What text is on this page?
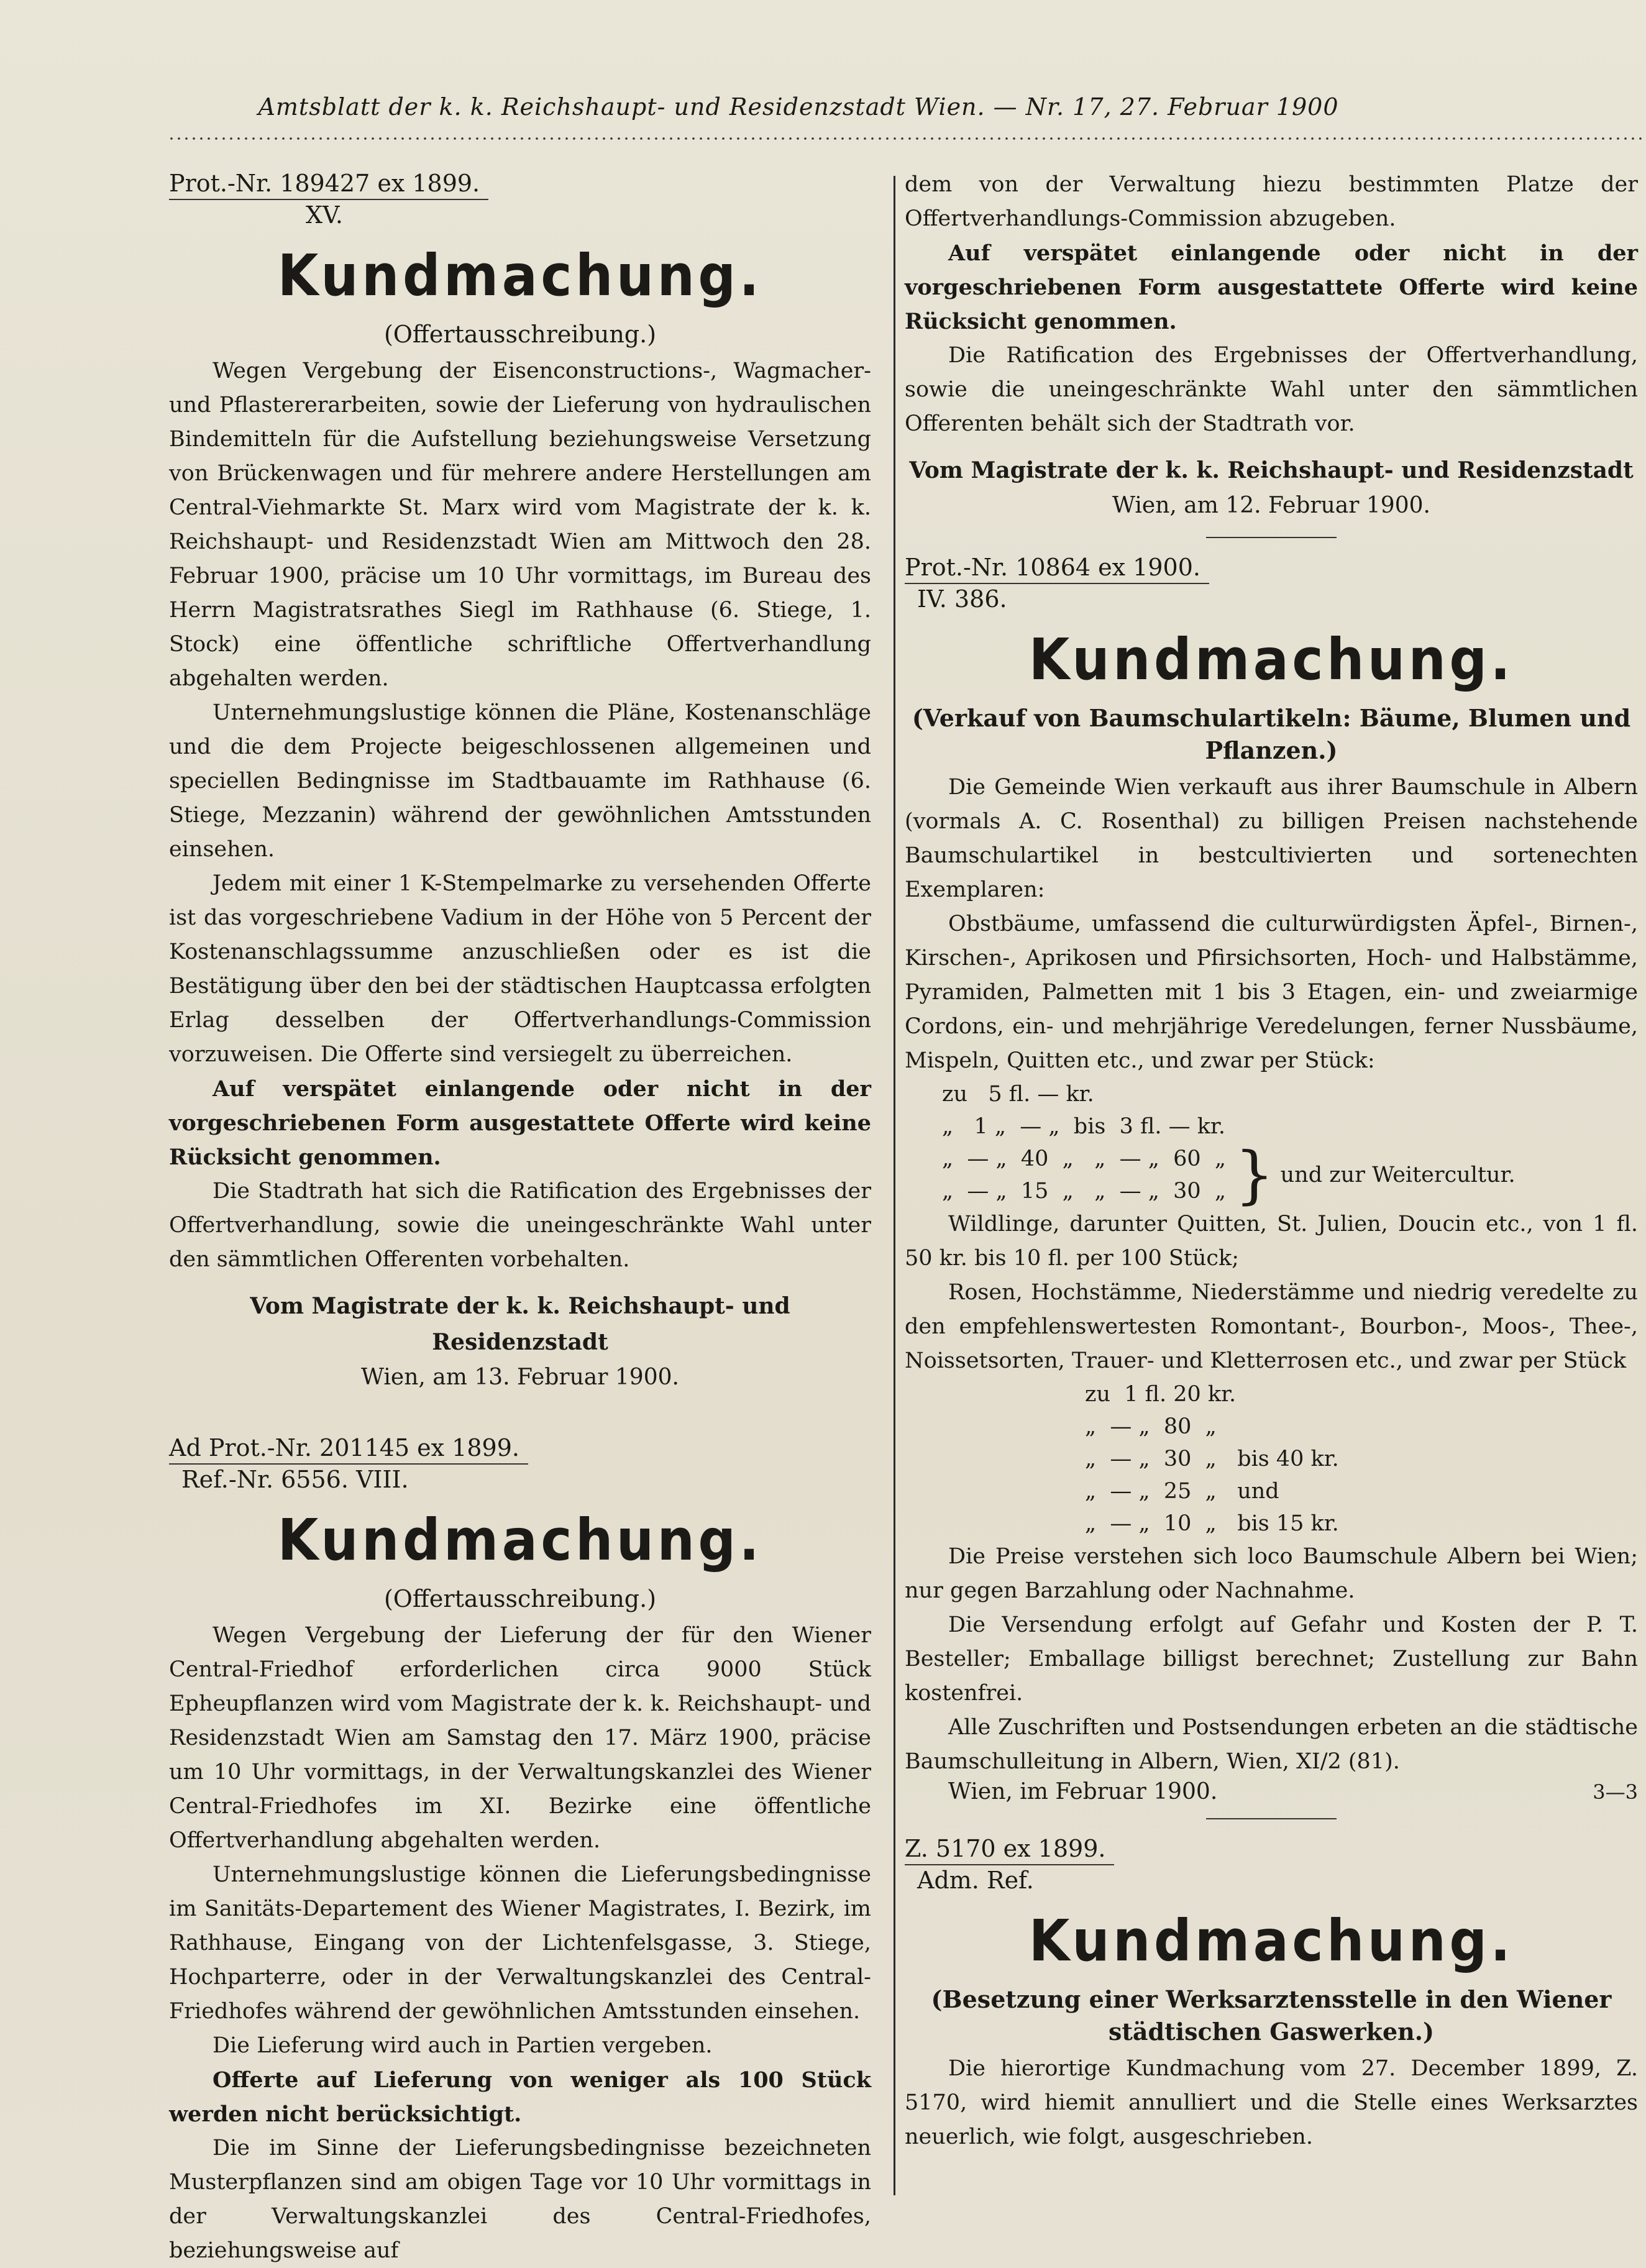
Amtsblatt der k. k. Reichshaupt- und Residenzstadt Wien. — Nr. 17, 27. Februar 1900
Prot.-Nr. 189427 ex 1899.
XV.
Kundmachung.
(Offertausschreibung.)

Wegen Vergebung der Eisenconstructions-, Wagmacher- und Pflastererarbeiten, sowie der Lieferung von hydraulischen Bindemitteln für die Aufstellung beziehungsweise Versetzung von Brückenwagen und für mehrere andere Herstellungen am Central-Viehmarkte St. Marx wird vom Magistrate der k. k. Reichshaupt- und Residenzstadt Wien am Mittwoch den 28. Februar 1900, präcise um 10 Uhr vormittags, im Bureau des Herrn Magistratsrathes Siegl im Rathhause (6. Stiege, 1. Stock) eine öffentliche schriftliche Offertverhandlung abgehalten werden.

Unternehmungslustige können die Pläne, Kostenanschläge und die dem Projecte beigeschlossenen allgemeinen und speciellen Bedingnisse im Stadtbauamte im Rathhause (6. Stiege, Mezzanin) während der gewöhnlichen Amtsstunden einsehen.

Jedem mit einer 1 K-Stempelmarke zu versehenden Offerte ist das vorgeschriebene Vadium in der Höhe von 5 Percent der Kostenanschlagssumme anzuschließen oder es ist die Bestätigung über den bei der städtischen Hauptcassa erfolgten Erlag desselben der Offertverhandlungs-Commission vorzuweisen. Die Offerte sind versiegelt zu überreichen.

Auf verspätet einlangende oder nicht in der vorgeschriebenen Form ausgestattete Offerte wird keine Rücksicht genommen.

Die Stadtrath hat sich die Ratification des Ergebnisses der Offertverhandlung, sowie die uneingeschränkte Wahl unter den sämmtlichen Offerenten vorbehalten.

Vom Magistrate der k. k. Reichshaupt- und Residenzstadt
Wien, am 13. Februar 1900.
Ad Prot.-Nr. 201145 ex 1899.
Ref.-Nr. 6556. VIII.
Kundmachung.
(Offertausschreibung.)

Wegen Vergebung der Lieferung der für den Wiener Central-Friedhof erforderlichen circa 9000 Stück Epheupflanzen wird vom Magistrate der k. k. Reichshaupt- und Residenzstadt Wien am Samstag den 17. März 1900, präcise um 10 Uhr vormittags, in der Verwaltungskanzlei des Wiener Central-Friedhofes im XI. Bezirke eine öffentliche Offertverhandlung abgehalten werden.

Unternehmungslustige können die Lieferungsbedingnisse im Sanitäts-Departement des Wiener Magistrates, I. Bezirk, im Rathhause, Eingang von der Lichtenfelsgasse, 3. Stiege, Hochparterre, oder in der Verwaltungskanzlei des Central-Friedhofes während der gewöhnlichen Amtsstunden einsehen.

Die Lieferung wird auch in Partien vergeben.

Offerte auf Lieferung von weniger als 100 Stück werden nicht berücksichtigt.

Die im Sinne der Lieferungsbedingnisse bezeichneten Musterpflanzen sind am obigen Tage vor 10 Uhr vormittags in der Verwaltungskanzlei des Central-Friedhofes, beziehungsweise auf

dem von der Verwaltung hiezu bestimmten Platze der Offertverhandlungs-Commission abzugeben.

Auf verspätet einlangende oder nicht in der vorgeschriebenen Form ausgestattete Offerte wird keine Rücksicht genommen.

Die Ratification des Ergebnisses der Offertverhandlung, sowie die uneingeschränkte Wahl unter den sämmtlichen Offerenten behält sich der Stadtrath vor.

Vom Magistrate der k. k. Reichshaupt- und Residenzstadt
Wien, am 12. Februar 1900.
Prot.-Nr. 10864 ex 1900.
IV. 386.
Kundmachung.
(Verkauf von Baumschulartikeln: Bäume, Blumen und Pflanzen.)

Die Gemeinde Wien verkauft aus ihrer Baumschule in Albern (vormals A. C. Rosenthal) zu billigen Preisen nachstehende Baumschulartikel in bestcultivierten und sortenechten Exemplaren:

Obstbäume, umfassend die culturwürdigsten Äpfel-, Birnen-, Kirschen-, Aprikosen und Pfirsichsorten, Hoch- und Halbstämme, Pyramiden, Palmetten mit 1 bis 3 Etagen, ein- und zweiarmige Cordons, ein- und mehrjährige Veredelungen, ferner Nussbäume, Mispeln, Quitten etc., und zwar per Stück:

zu   5 fl. — kr.
„   1 „  — „  bis  3 fl. — kr.
„  — „  40  „   „  — „  60  „
„  — „  15  „   „  — „  30  „ } und zur Weitercultur.

Wildlinge, darunter Quitten, St. Julien, Doucin etc., von 1 fl. 50 kr. bis 10 fl. per 100 Stück;

Rosen, Hochstämme, Niederstämme und niedrig veredelte zu den empfehlenswertesten Romontant-, Bourbon-, Moos-, Thee-, Noissetsorten, Trauer- und Kletterrosen etc., und zwar per Stück

zu  1 fl. 20 kr.
„  — „  80  „
„  — „  30  „   bis 40 kr.
„  — „  25  „   und
„  — „  10  „   bis 15 kr.

Die Preise verstehen sich loco Baumschule Albern bei Wien; nur gegen Barzahlung oder Nachnahme.

Die Versendung erfolgt auf Gefahr und Kosten der P. T. Besteller; Emballage billigst berechnet; Zustellung zur Bahn kostenfrei.

Alle Zuschriften und Postsendungen erbeten an die städtische Baumschulleitung in Albern, Wien, XI/2 (81).

Wien, im Februar 1900.	3—3
Z. 5170 ex 1899.
Adm. Ref.
Kundmachung.
(Besetzung einer Werksarztensstelle in den Wiener städtischen Gaswerken.)

Die hierortige Kundmachung vom 27. December 1899, Z. 5170, wird hiemit annulliert und die Stelle eines Werksarztes neuerlich, wie folgt, ausgeschrieben.
